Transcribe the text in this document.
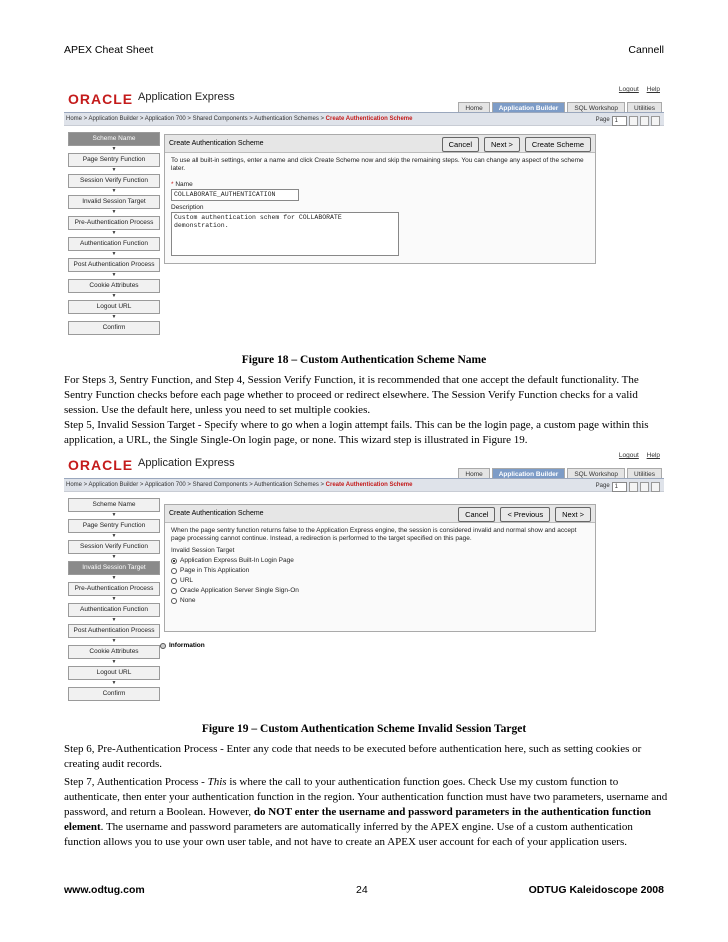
APEX Cheat Sheet	Cannell
ORACLE Application Express
Logout Help
Home	Application Builder	SQL Workshop	Utilities
Home > Application Builder > Application 700 > Shared Components > Authentication Schemes > Create Authentication Scheme	Page 1
Scheme Name
▼
Page Sentry Function
▼
Session Verify Function
▼
Invalid Session Target
▼
Pre-Authentication Process
▼
Authentication Function
▼
Post Authentication Process
▼
Cookie Attributes
▼
Logout URL
▼
Confirm
Create Authentication Scheme	Cancel	Next >	Create Scheme
To use all built-in settings, enter a name and click Create Scheme now and skip the remaining steps. You can change any aspect of the scheme later.
* Name
COLLABORATE_AUTHENTICATION
Description
Custom authentication schem for COLLABORATE demonstration.
Figure 18 – Custom Authentication Scheme Name
For Steps 3, Sentry Function, and Step 4, Session Verify Function, it is recommended that one accept the default functionality. The Sentry Function checks before each page whether to proceed or redirect elsewhere. The Session Verify Function checks for a valid session. Use the default here, unless you need to set multiple cookies.
Step 5, Invalid Session Target - Specify where to go when a login attempt fails. This can be the login page, a custom page within this application, a URL, the Single Single-On login page, or none. This wizard step is illustrated in Figure 19.
ORACLE Application Express
Logout Help
Home	Application Builder	SQL Workshop	Utilities
Home > Application Builder > Application 700 > Shared Components > Authentication Schemes > Create Authentication Scheme	Page 1
Scheme Name
▼
Page Sentry Function
▼
Session Verify Function
▼
Invalid Session Target
▼
Pre-Authentication Process
▼
Authentication Function
▼
Post Authentication Process
▼
Cookie Attributes
▼
Logout URL
▼
Confirm
Create Authentication Scheme	Cancel	< Previous	Next >
When the page sentry function returns false to the Application Express engine, the session is considered invalid and normal show and accept page processing cannot continue. Instead, a redirection is performed to the target specified on this page.
Invalid Session Target
Application Express Built-In Login Page
Page in This Application
URL
Oracle Application Server Single Sign-On
None
Information
Figure 19 – Custom Authentication Scheme Invalid Session Target
Step 6, Pre-Authentication Process - Enter any code that needs to be executed before authentication here, such as setting cookies or creating audit records.
Step 7, Authentication Process - This is where the call to your authentication function goes. Check Use my custom function to authenticate, then enter your authentication function in the region. Your authentication function must have two parameters, username and password, and return a Boolean. However, do NOT enter the username and password parameters in the authentication function element. The username and password parameters are automatically inferred by the APEX engine. Use of a custom authentication function allows you to use your own user table, and not have to create an APEX user account for each of your application users.
www.odtug.com	24	ODTUG Kaleidoscope 2008
